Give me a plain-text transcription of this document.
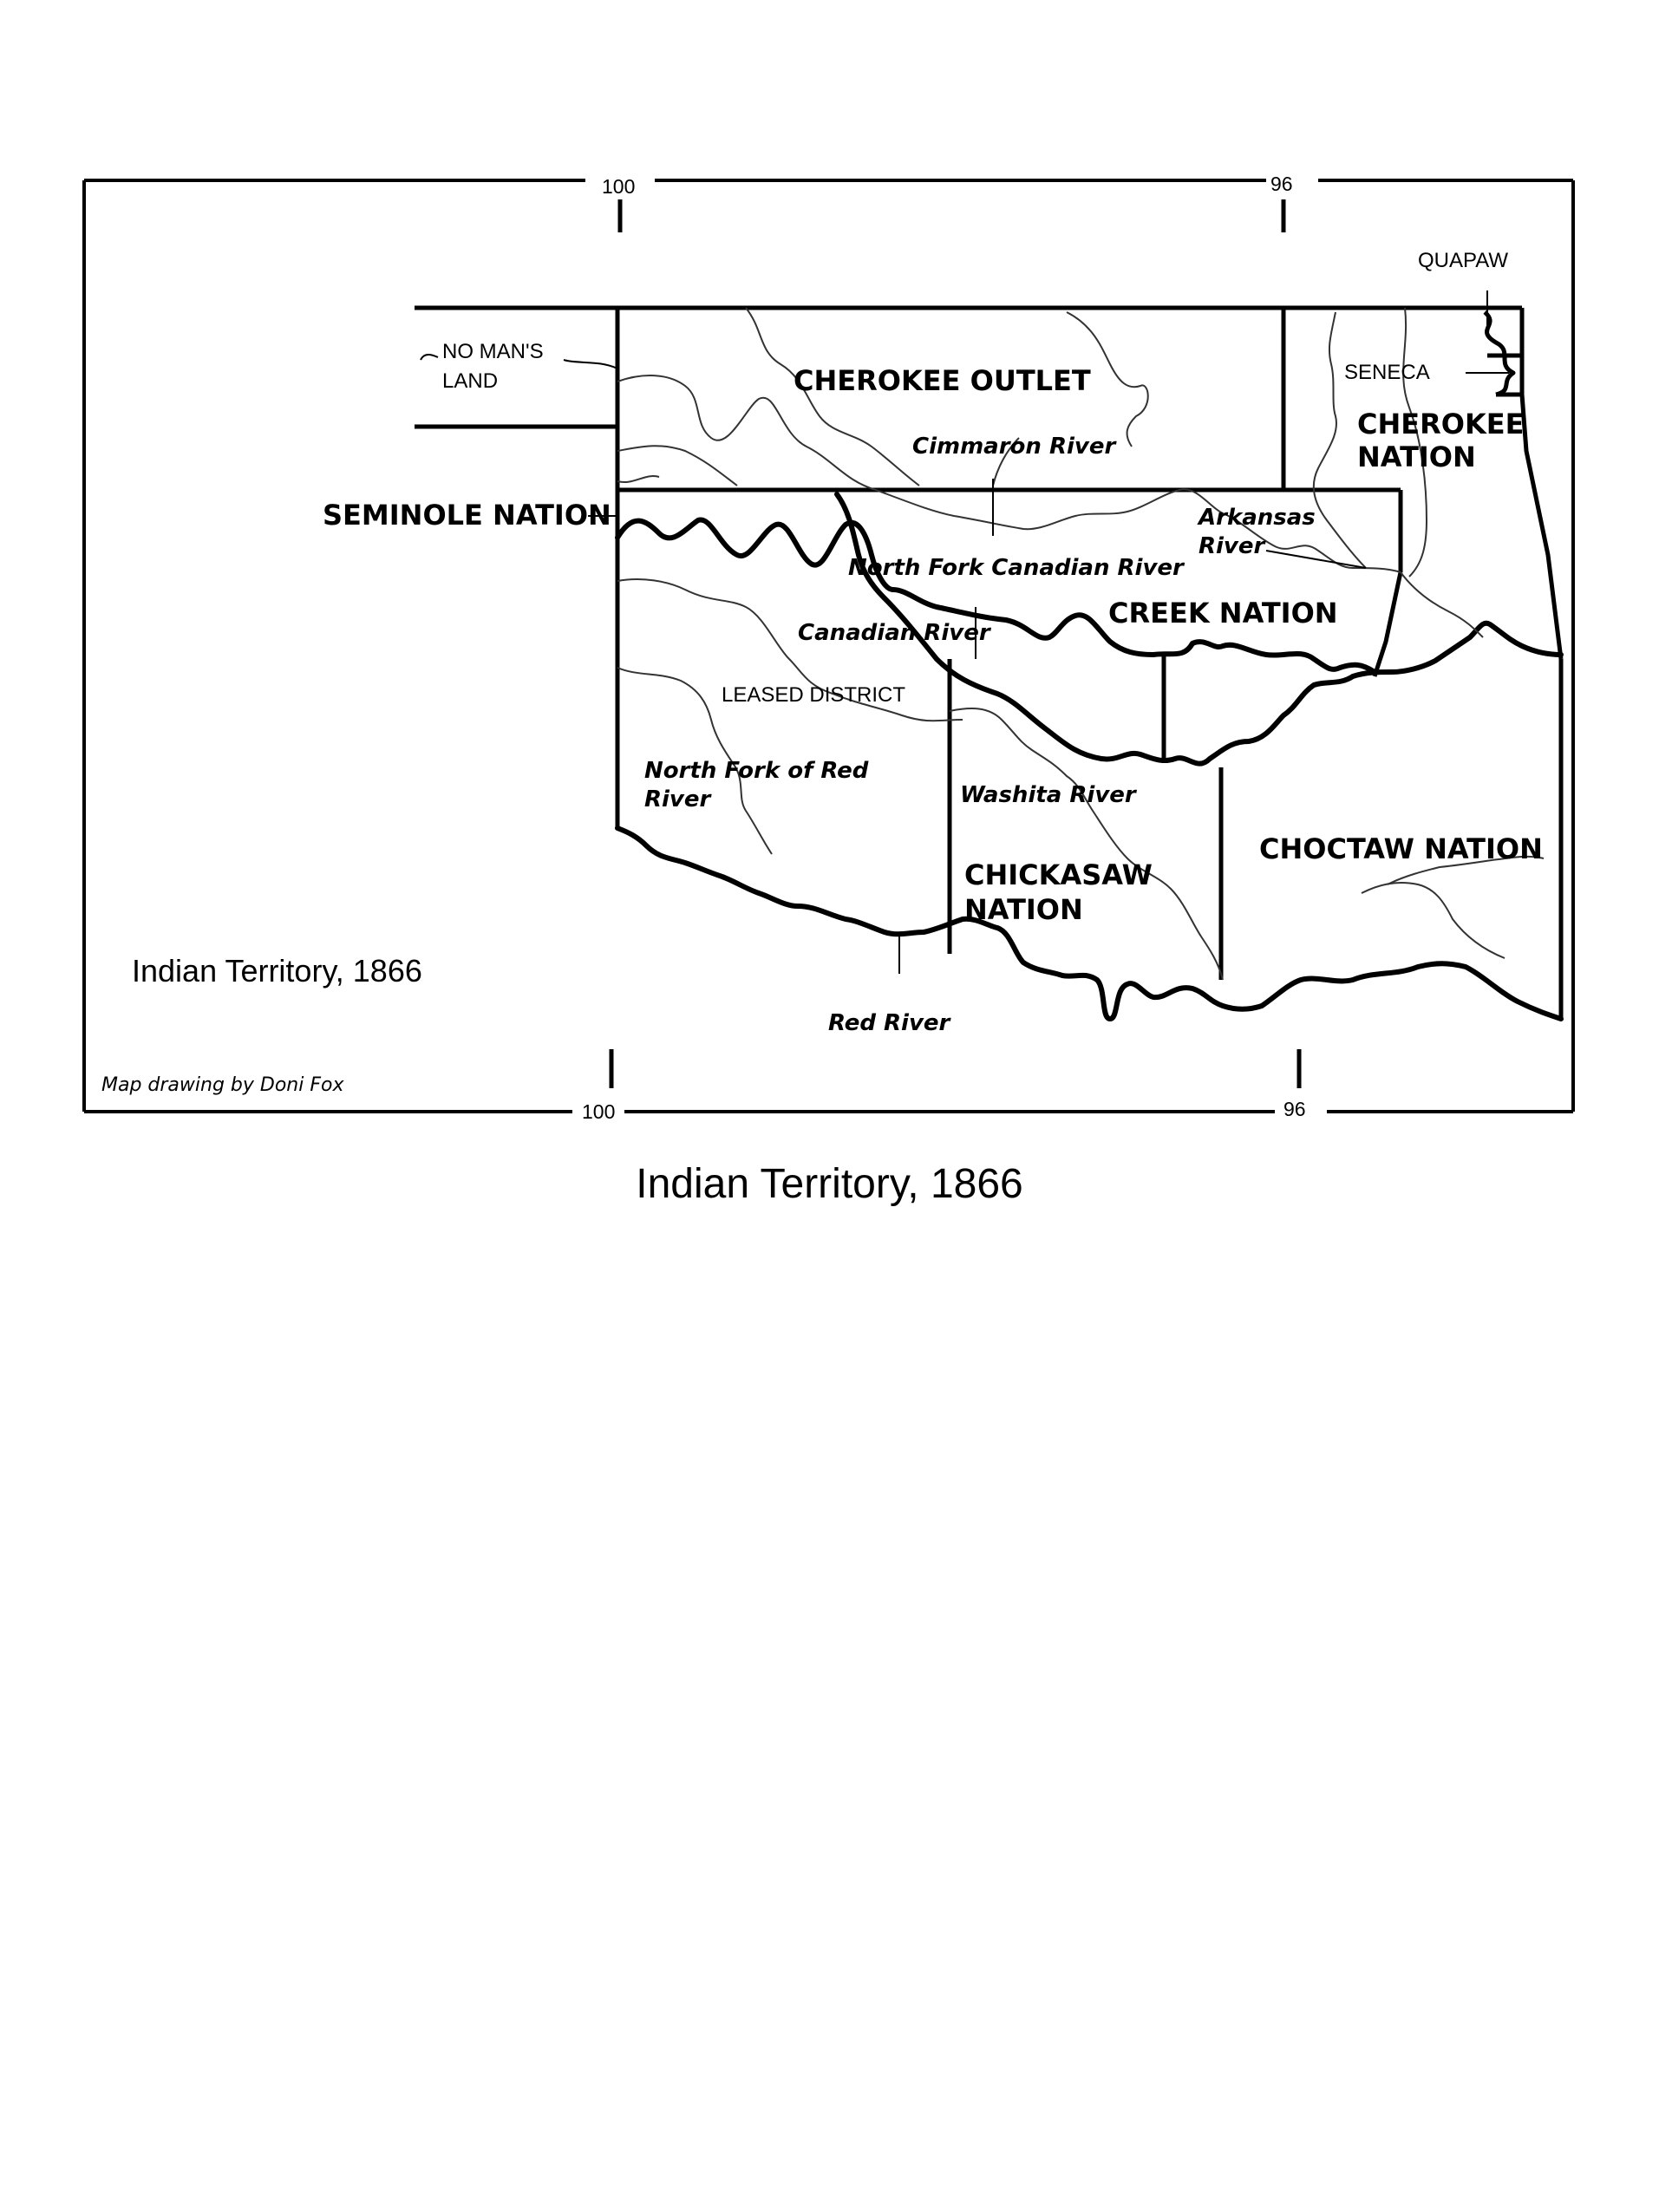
100	96
100	96
NO MAN'S LAND	CHEROKEE OUTLET
QUAPAW
SENECA
CHEROKEE NATION
SEMINOLE NATION
CREEK NATION
LEASED DISTRICT
CHICKASAW NATION
CHOCTAW NATION
Cimmaron River
Arkansas River
North Fork Canadian River
Canadian River
North Fork of Red River	Washita River
Red River
Indian Territory, 1866
Map drawing by Doni Fox
Indian Territory, 1866
